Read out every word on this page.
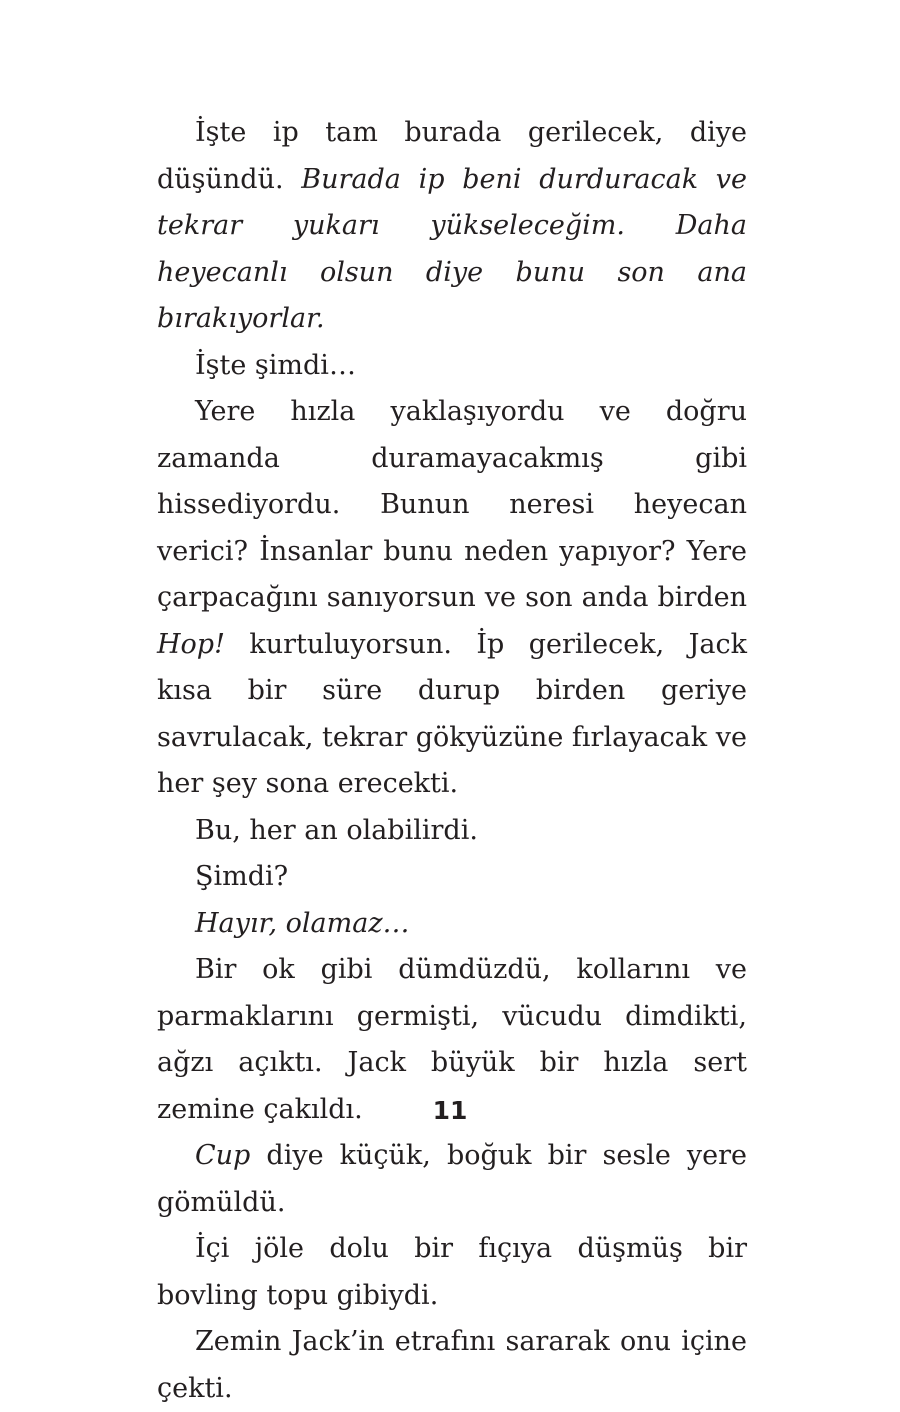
İşte ip tam burada gerilecek, diye düşündü. Burada ip beni durduracak ve tekrar yukarı yükseleceğim. Daha heyecanlı olsun diye bunu son ana bırakıyorlar.

İşte şimdi…

Yere hızla yaklaşıyordu ve doğru zamanda duramayacakmış gibi hissediyordu. Bunun neresi heyecan verici? İnsanlar bunu neden yapıyor? Yere çarpacağını sanıyorsun ve son anda birden Hop! kurtuluyorsun. İp gerilecek, Jack kısa bir süre durup birden geriye savrulacak, tekrar gökyüzüne fırlayacak ve her şey sona erecekti.

Bu, her an olabilirdi.

Şimdi?

Hayır, olamaz…

Bir ok gibi dümdüzdü, kollarını ve parmaklarını germişti, vücudu dimdikti, ağzı açıktı. Jack büyük bir hızla sert zemine çakıldı.

Cup diye küçük, boğuk bir sesle yere gömüldü.

İçi jöle dolu bir fıçıya düşmüş bir bovling topu gibiydi.

Zemin Jack’in etrafını sararak onu içine çekti.

11
